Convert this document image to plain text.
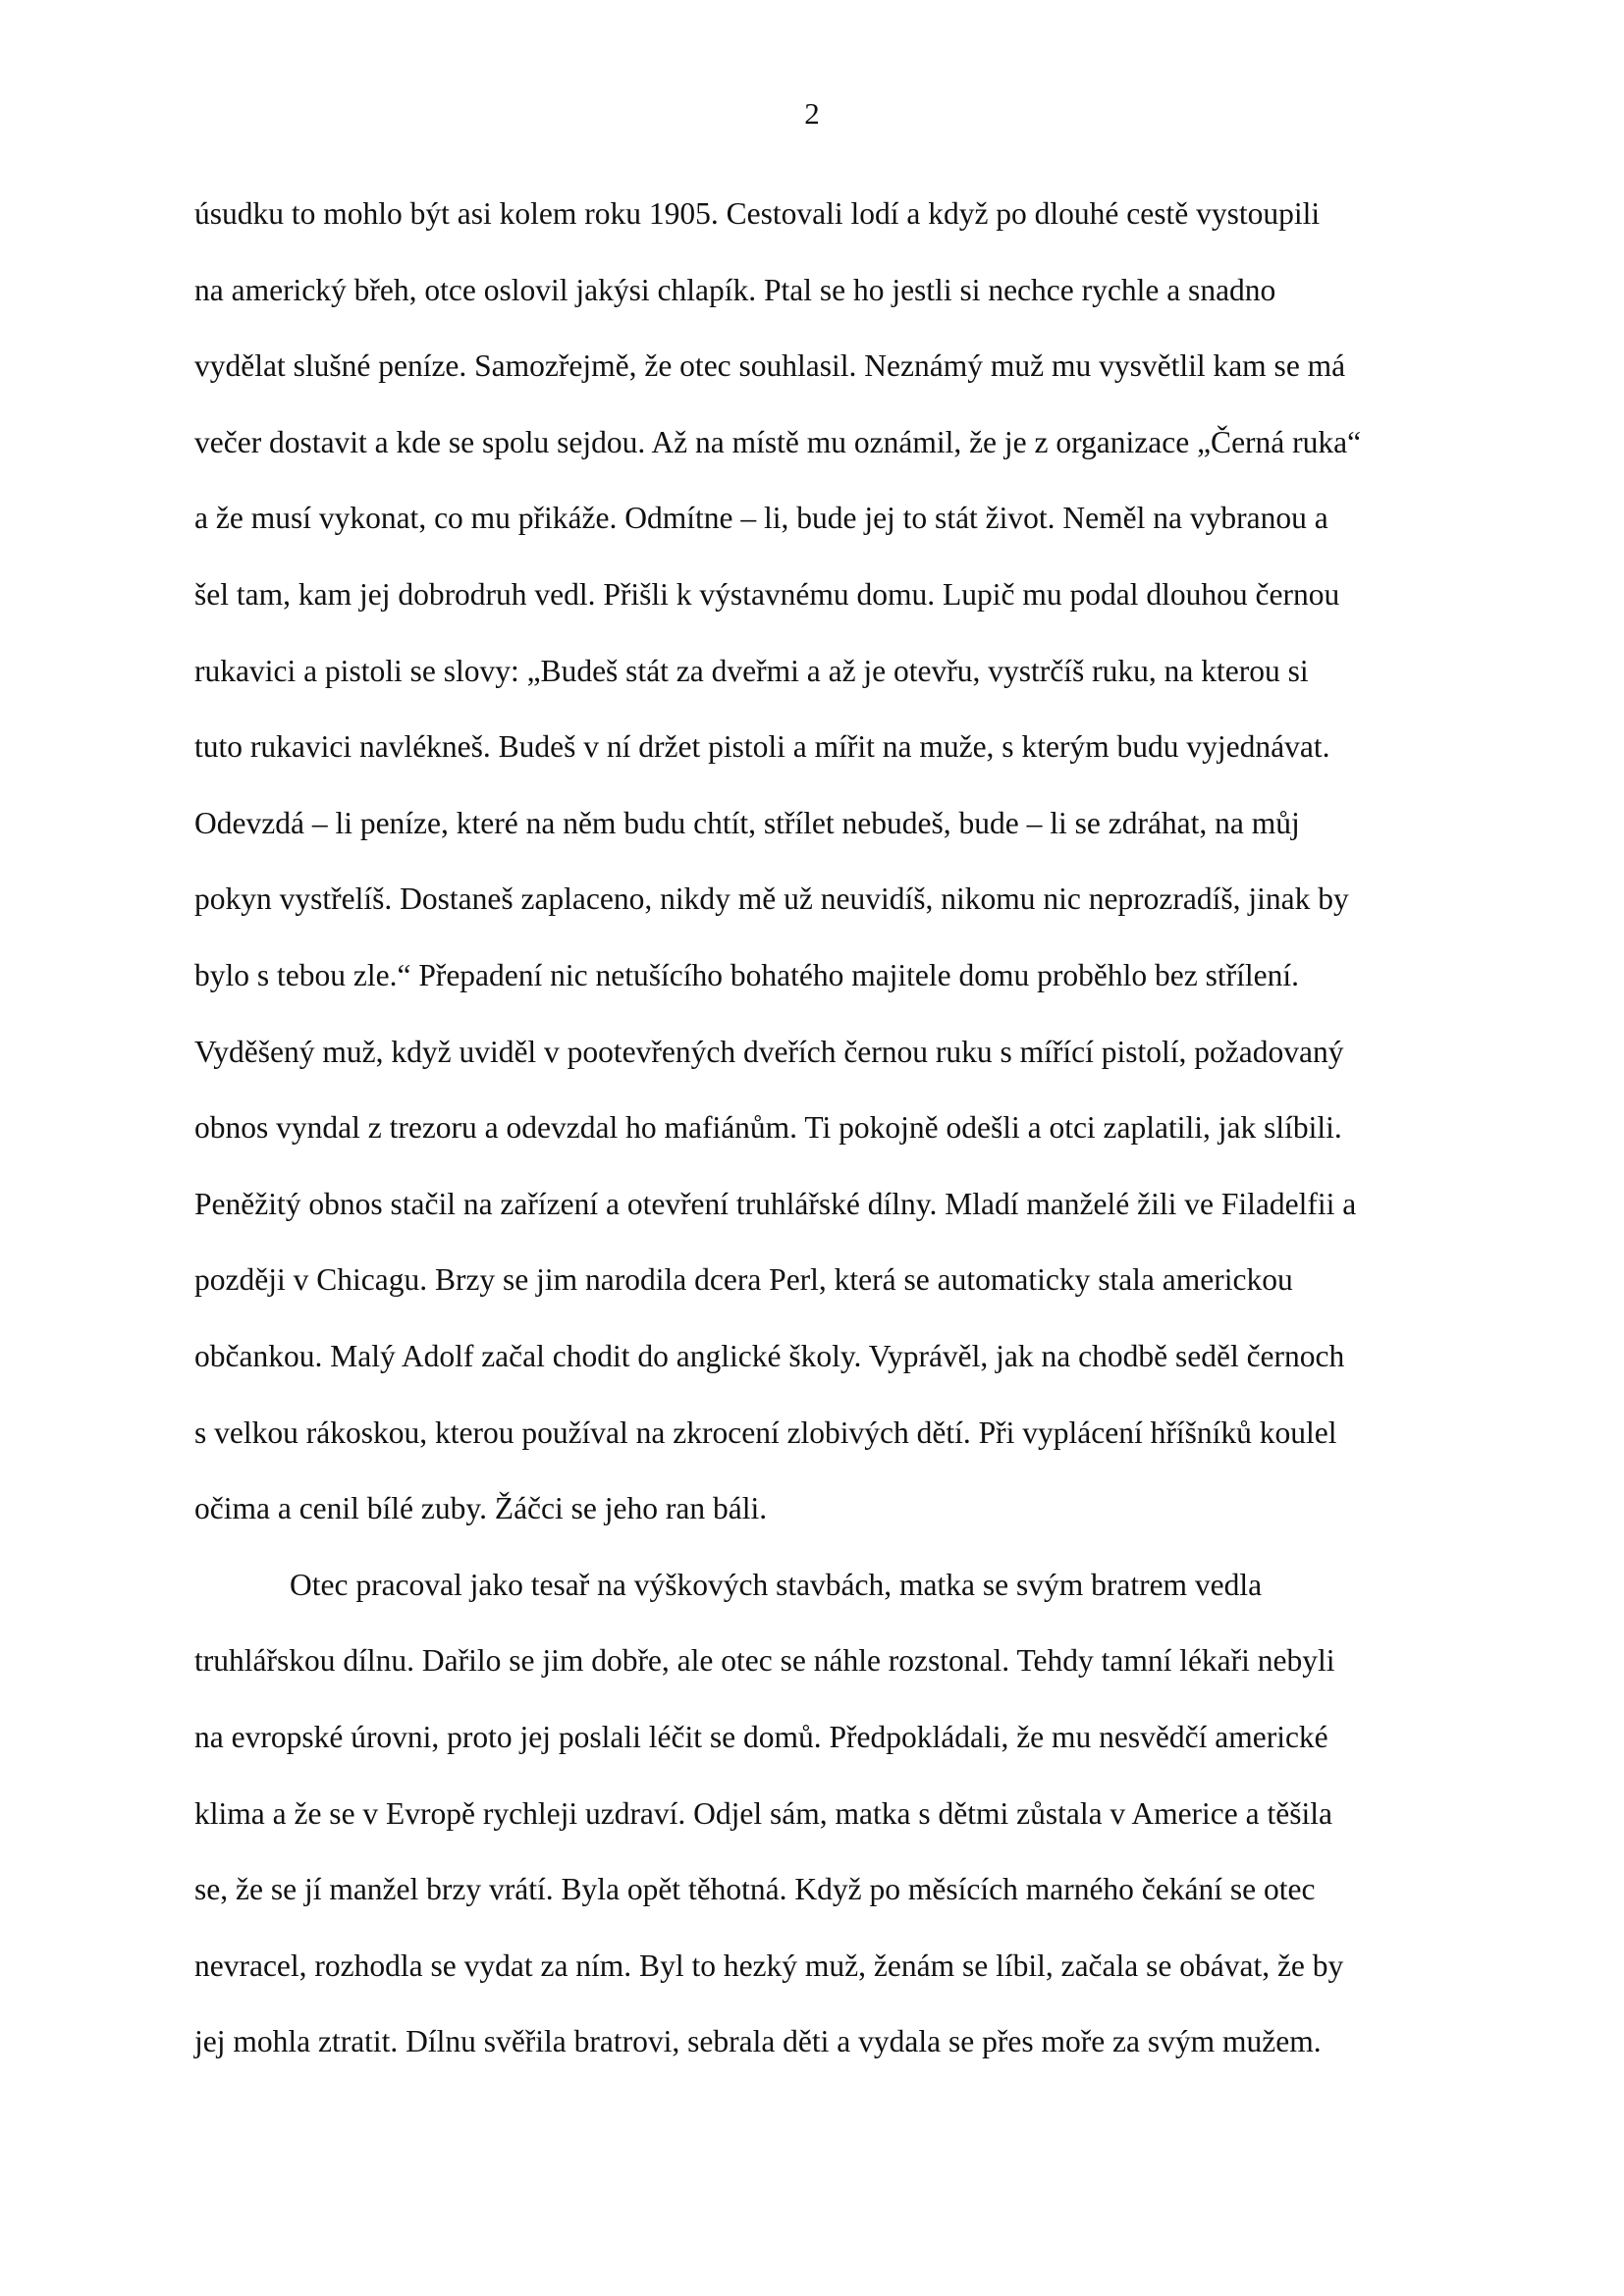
2
úsudku to mohlo být asi kolem roku 1905. Cestovali lodí a když po dlouhé cestě vystoupili
na americký břeh, otce oslovil jakýsi chlapík. Ptal se ho jestli si nechce rychle a snadno
vydělat slušné peníze. Samozřejmě, že otec souhlasil. Neznámý muž mu vysvětlil kam se má
večer dostavit a kde se spolu sejdou. Až na místě mu oznámil, že je z organizace „Černá ruka“
a že musí vykonat, co mu přikáže. Odmítne – li, bude jej to stát život. Neměl na vybranou a
šel tam, kam jej dobrodruh vedl. Přišli k výstavnému domu. Lupič mu podal dlouhou černou
rukavici a pistoli se slovy: „Budeš stát za dveřmi a až je otevřu, vystrčíš ruku, na kterou si
tuto rukavici navlékneš. Budeš v ní držet pistoli a mířit na muže, s kterým budu vyjednávat.
Odevzdá – li peníze, které na něm budu chtít, střílet nebudeš, bude – li se zdráhat, na můj
pokyn vystřelíš. Dostaneš zaplaceno, nikdy mě už neuvidíš, nikomu nic neprozradíš, jinak by
bylo s tebou zle.“ Přepadení nic netušícího bohatého majitele domu proběhlo bez střílení.
Vyděšený muž, když uviděl v pootevřených dveřích černou ruku s mířící pistolí, požadovaný
obnos vyndal z trezoru a odevzdal ho mafiánům. Ti pokojně odešli a otci zaplatili, jak slíbili.
Peněžitý obnos stačil na zařízení a otevření truhlářské dílny. Mladí manželé žili ve Filadelfii a
později v Chicagu. Brzy se jim narodila dcera Perl, která se automaticky stala americkou
občankou. Malý Adolf začal chodit do anglické školy. Vyprávěl, jak na chodbě seděl černoch
s velkou rákoskou, kterou používal na zkrocení zlobivých dětí. Při vyplácení hříšníků koulel
očima a cenil bílé zuby. Žáčci se jeho ran báli.
Otec pracoval jako tesař na výškových stavbách, matka se svým bratrem vedla
truhlářskou dílnu. Dařilo se jim dobře, ale otec se náhle rozstonal. Tehdy tamní lékaři nebyli
na evropské úrovni, proto jej poslali léčit se domů. Předpokládali, že mu nesvědčí americké
klima a že se v Evropě rychleji uzdraví. Odjel sám, matka s dětmi zůstala v Americe a těšila
se, že se jí manžel brzy vrátí. Byla opět těhotná. Když po měsících marného čekání se otec
nevracel, rozhodla se vydat za ním. Byl to hezký muž, ženám se líbil, začala se obávat, že by
jej mohla ztratit. Dílnu svěřila bratrovi, sebrala děti a vydala se přes moře za svým mužem.
